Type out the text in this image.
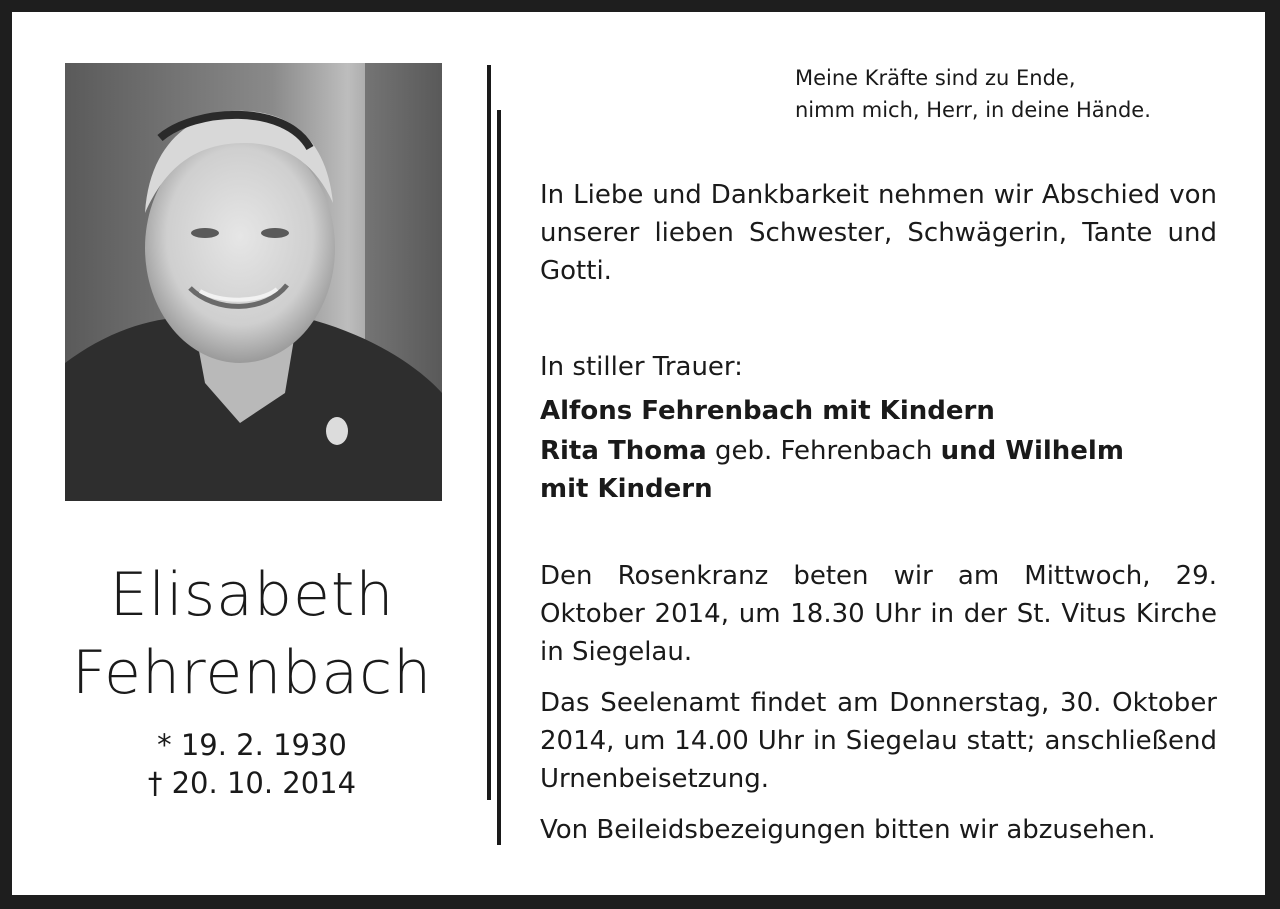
Elisabeth
Fehrenbach
* 19. 2. 1930
† 20. 10. 2014
Meine Kräfte sind zu Ende,
nimm mich, Herr, in deine Hände.
In Liebe und Dankbarkeit nehmen wir Abschied von unserer lieben Schwester, Schwägerin, Tante und Gotti.
In stiller Trauer:
Alfons Fehrenbach mit Kindern
Rita Thoma geb. Fehrenbach und Wilhelm
mit Kindern
Den Rosenkranz beten wir am Mittwoch, 29. Oktober 2014, um 18.30 Uhr in der St. Vitus Kirche in Siegelau.
Das Seelenamt findet am Donnerstag, 30. Oktober 2014, um 14.00 Uhr in Siegelau statt; anschließend Urnenbeisetzung.
Von Beileidsbezeigungen bitten wir abzusehen.
